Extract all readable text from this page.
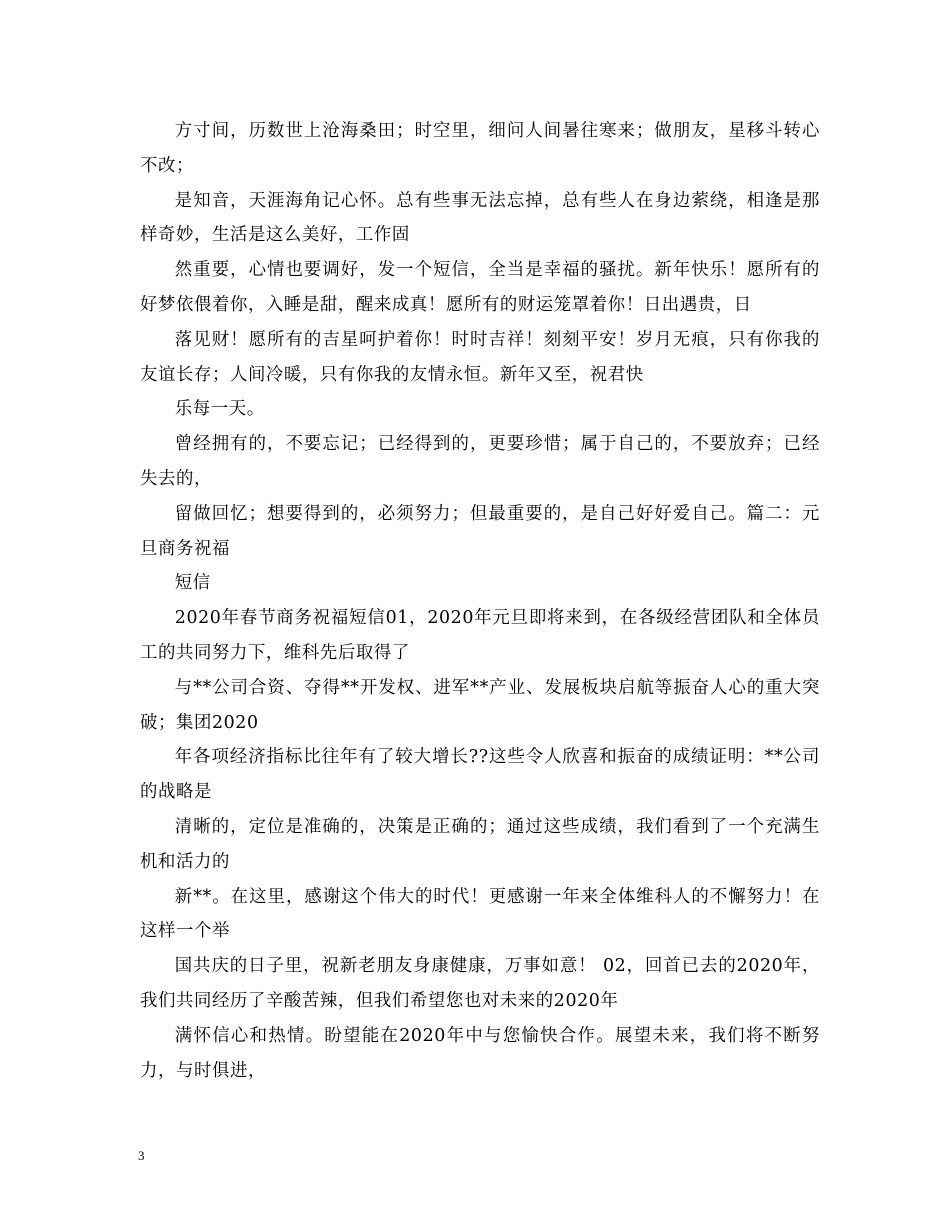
方寸间，历数世上沧海桑田；时空里，细问人间暑往寒来；做朋友，星移斗转心不改；

是知音，天涯海角记心怀。总有些事无法忘掉，总有些人在身边萦绕，相逢是那样奇妙，生活是这么美好，工作固

然重要，心情也要调好，发一个短信，全当是幸福的骚扰。新年快乐！愿所有的好梦依偎着你，入睡是甜，醒来成真！愿所有的财运笼罩着你！日出遇贵，日

落见财！愿所有的吉星呵护着你！时时吉祥！刻刻平安！岁月无痕，只有你我的友谊长存；人间冷暖，只有你我的友情永恒。新年又至，祝君快

乐每一天。

曾经拥有的，不要忘记；已经得到的，更要珍惜；属于自己的，不要放弃；已经失去的，

留做回忆；想要得到的，必须努力；但最重要的，是自己好好爱自己。篇二：元旦商务祝福

短信

2020年春节商务祝福短信01，2020年元旦即将来到，在各级经营团队和全体员工的共同努力下，维科先后取得了

与**公司合资、夺得**开发权、进军**产业、发展板块启航等振奋人心的重大突破；集团2020

年各项经济指标比往年有了较大增长??这些令人欣喜和振奋的成绩证明：**公司的战略是

清晰的，定位是准确的，决策是正确的；通过这些成绩，我们看到了一个充满生机和活力的

新**。在这里，感谢这个伟大的时代！更感谢一年来全体维科人的不懈努力！在这样一个举

国共庆的日子里，祝新老朋友身康健康，万事如意！ 02，回首已去的2020年，我们共同经历了辛酸苦辣，但我们希望您也对未来的2020年

满怀信心和热情。盼望能在2020年中与您愉快合作。展望未来，我们将不断努力，与时俱进，

3
